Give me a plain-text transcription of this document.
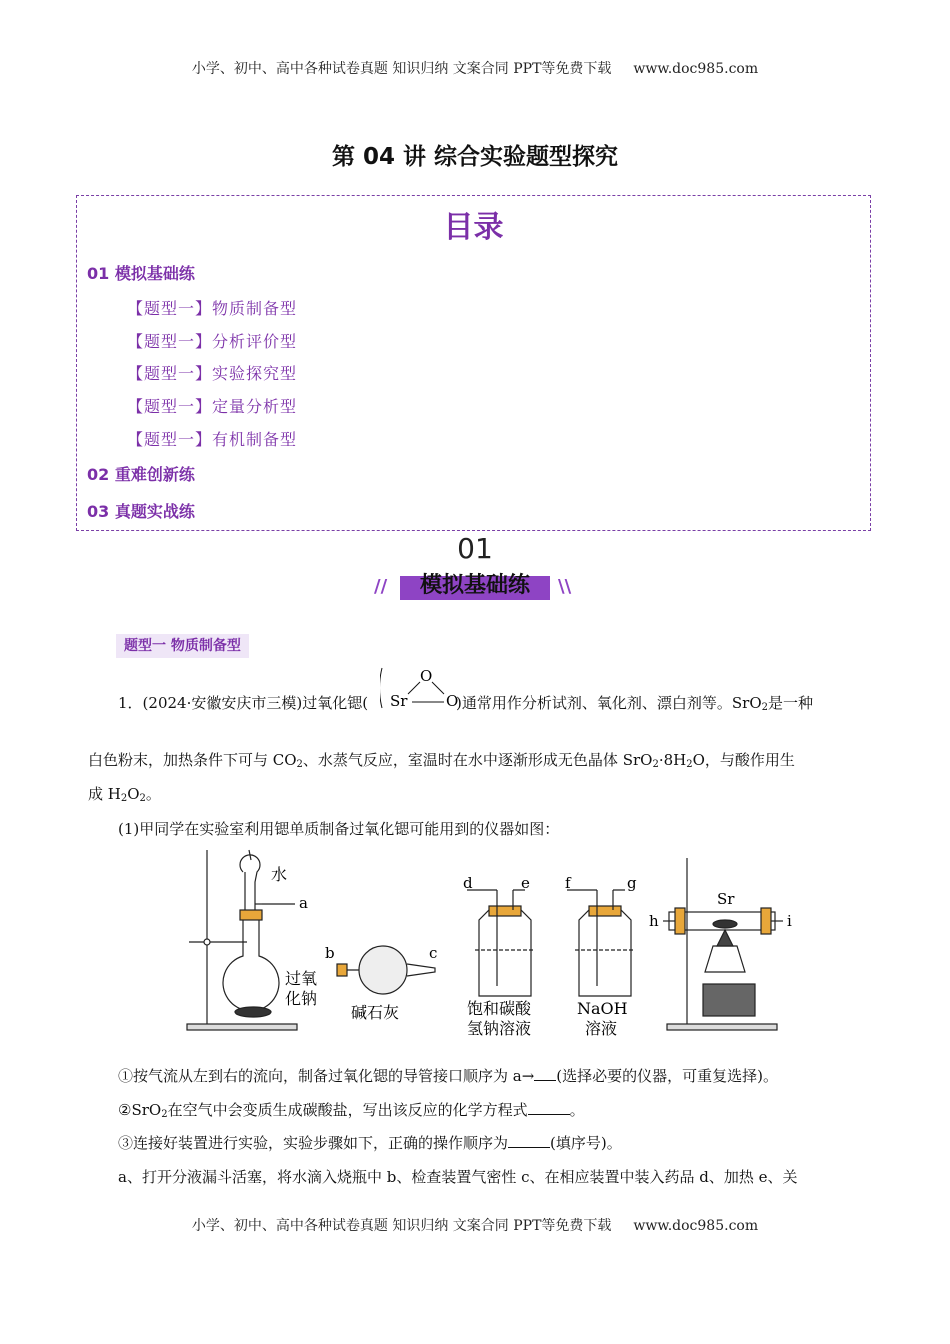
小学、初中、高中各种试卷真题 知识归纳 文案合同 PPT等免费下载 www.doc985.com
第 04 讲 综合实验题型探究
目录
01 模拟基础练
【题型一】物质制备型
【题型一】分析评价型
【题型一】实验探究型
【题型一】定量分析型
【题型一】有机制备型
02 重难创新练
03 真题实战练
01
//	\\
模拟基础练
题型一 物质制备型
1．(2024·安徽安庆市三模)过氧化锶(	)通常用作分析试剂、氧化剂、漂白剂等。SrO$_2$是一种
Sr
O
O
白色粉末，加热条件下可与 $CO_2$、水蒸气反应，室温时在水中逐渐形成无色晶体 $SrO_2\cdot 8H_2O$，与酸作用生
成 $H_2O_2$。
(1)甲同学在实验室利用锶单质制备过氧化锶可能用到的仪器如图：
水
a
过氧
化钠
b	c
碱石灰
d	e
饱和碳酸
氢钠溶液
f	g
NaOH
溶液
Sr
h	i
①按气流从左到右的流向，制备过氧化锶的导管接口顺序为 a→ (选择必要的仪器，可重复选择)。
②SrO$_2$在空气中会变质生成碳酸盐，写出该反应的化学方程式	。
③连接好装置进行实验，实验步骤如下，正确的操作顺序为	(填序号)。
a、打开分液漏斗活塞，将水滴入烧瓶中 b、检查装置气密性 c、在相应装置中装入药品 d、加热 e、关
小学、初中、高中各种试卷真题 知识归纳 文案合同 PPT等免费下载 www.doc985.com
